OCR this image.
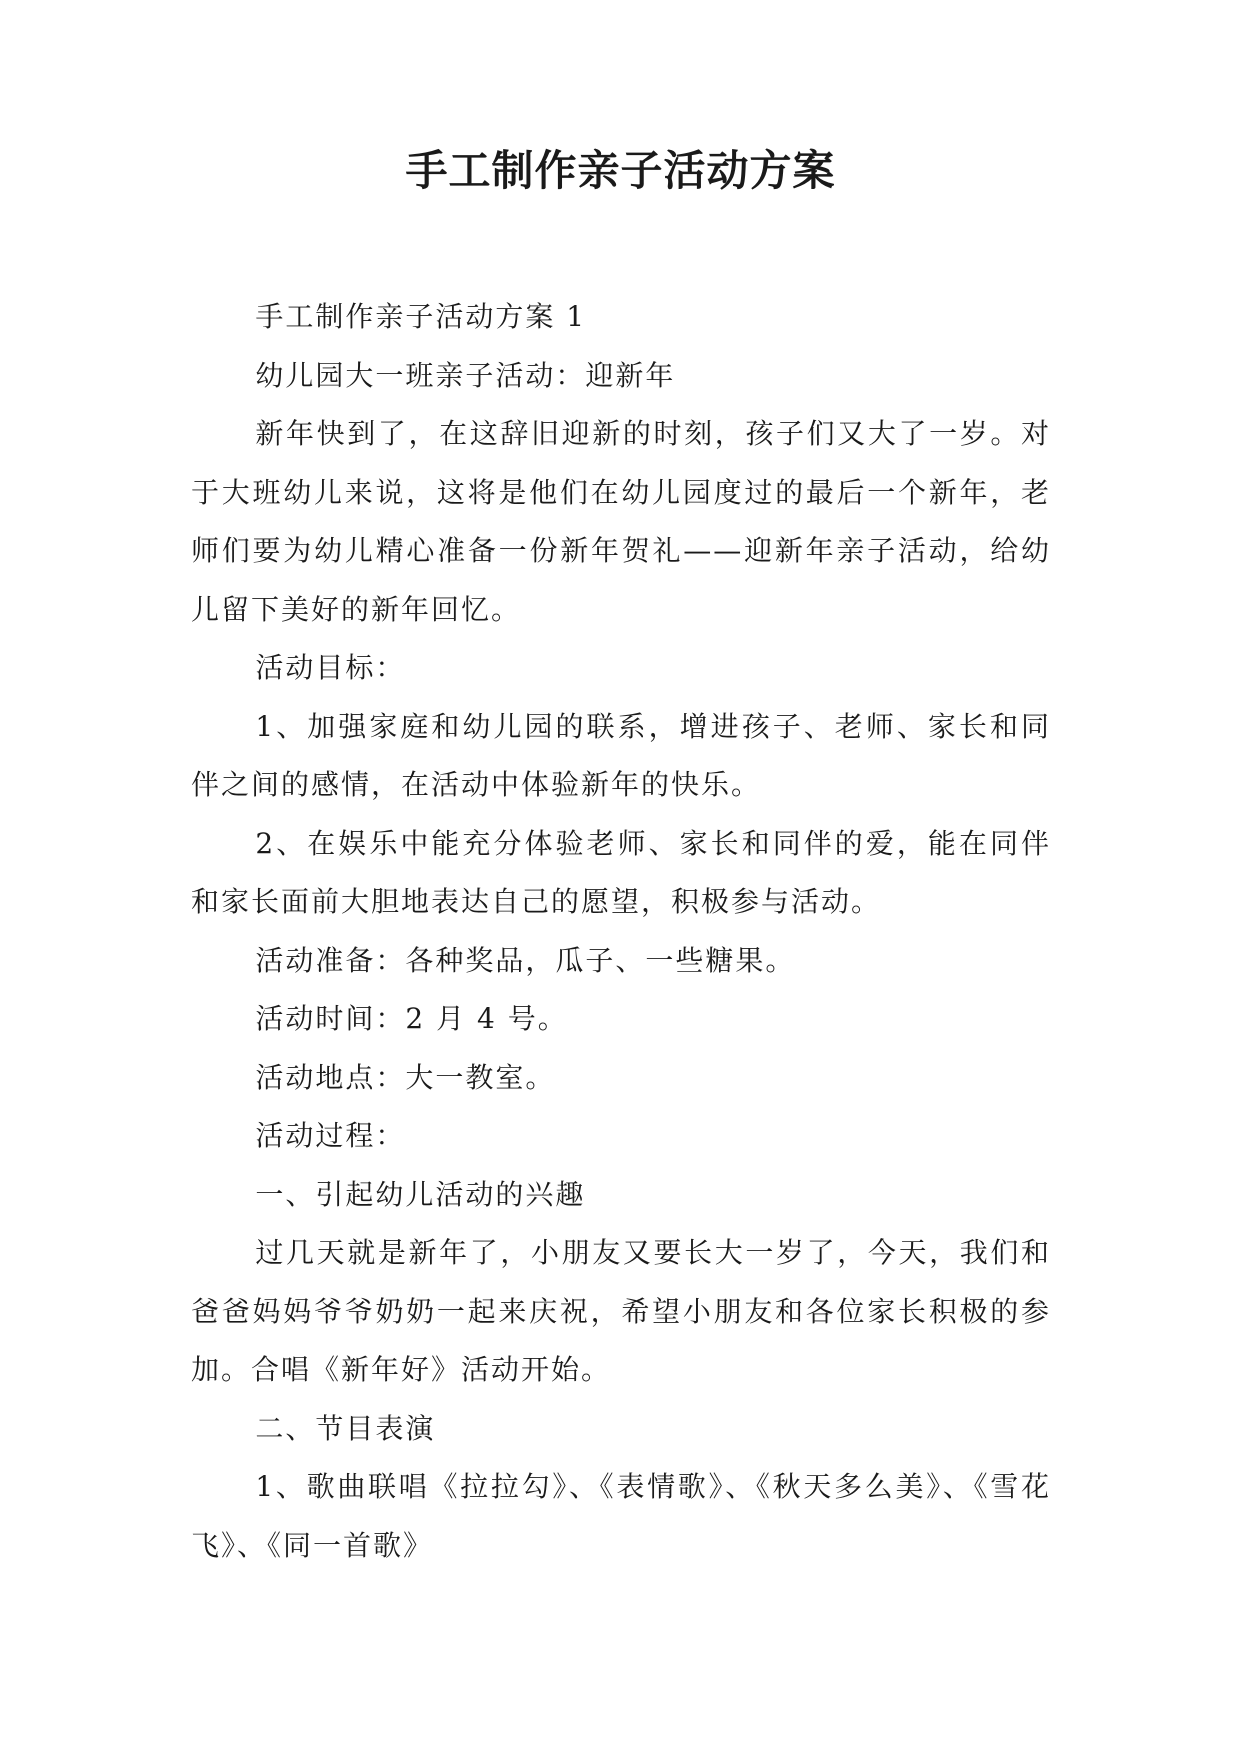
手工制作亲子活动方案

手工制作亲子活动方案 1

幼儿园大一班亲子活动：迎新年

新年快到了，在这辞旧迎新的时刻，孩子们又大了一岁。对于大班幼儿来说，这将是他们在幼儿园度过的最后一个新年，老师们要为幼儿精心准备一份新年贺礼——迎新年亲子活动，给幼儿留下美好的新年回忆。

活动目标：

1、加强家庭和幼儿园的联系，增进孩子、老师、家长和同伴之间的感情，在活动中体验新年的快乐。

2、在娱乐中能充分体验老师、家长和同伴的爱，能在同伴和家长面前大胆地表达自己的愿望，积极参与活动。

活动准备：各种奖品，瓜子、一些糖果。

活动时间：2 月 4 号。

活动地点：大一教室。

活动过程：

一、引起幼儿活动的兴趣

过几天就是新年了，小朋友又要长大一岁了，今天，我们和爸爸妈妈爷爷奶奶一起来庆祝，希望小朋友和各位家长积极的参加。合唱《新年好》活动开始。

二、节目表演

1、歌曲联唱《拉拉勾》、《表情歌》、《秋天多么美》、《雪花飞》、《同一首歌》
